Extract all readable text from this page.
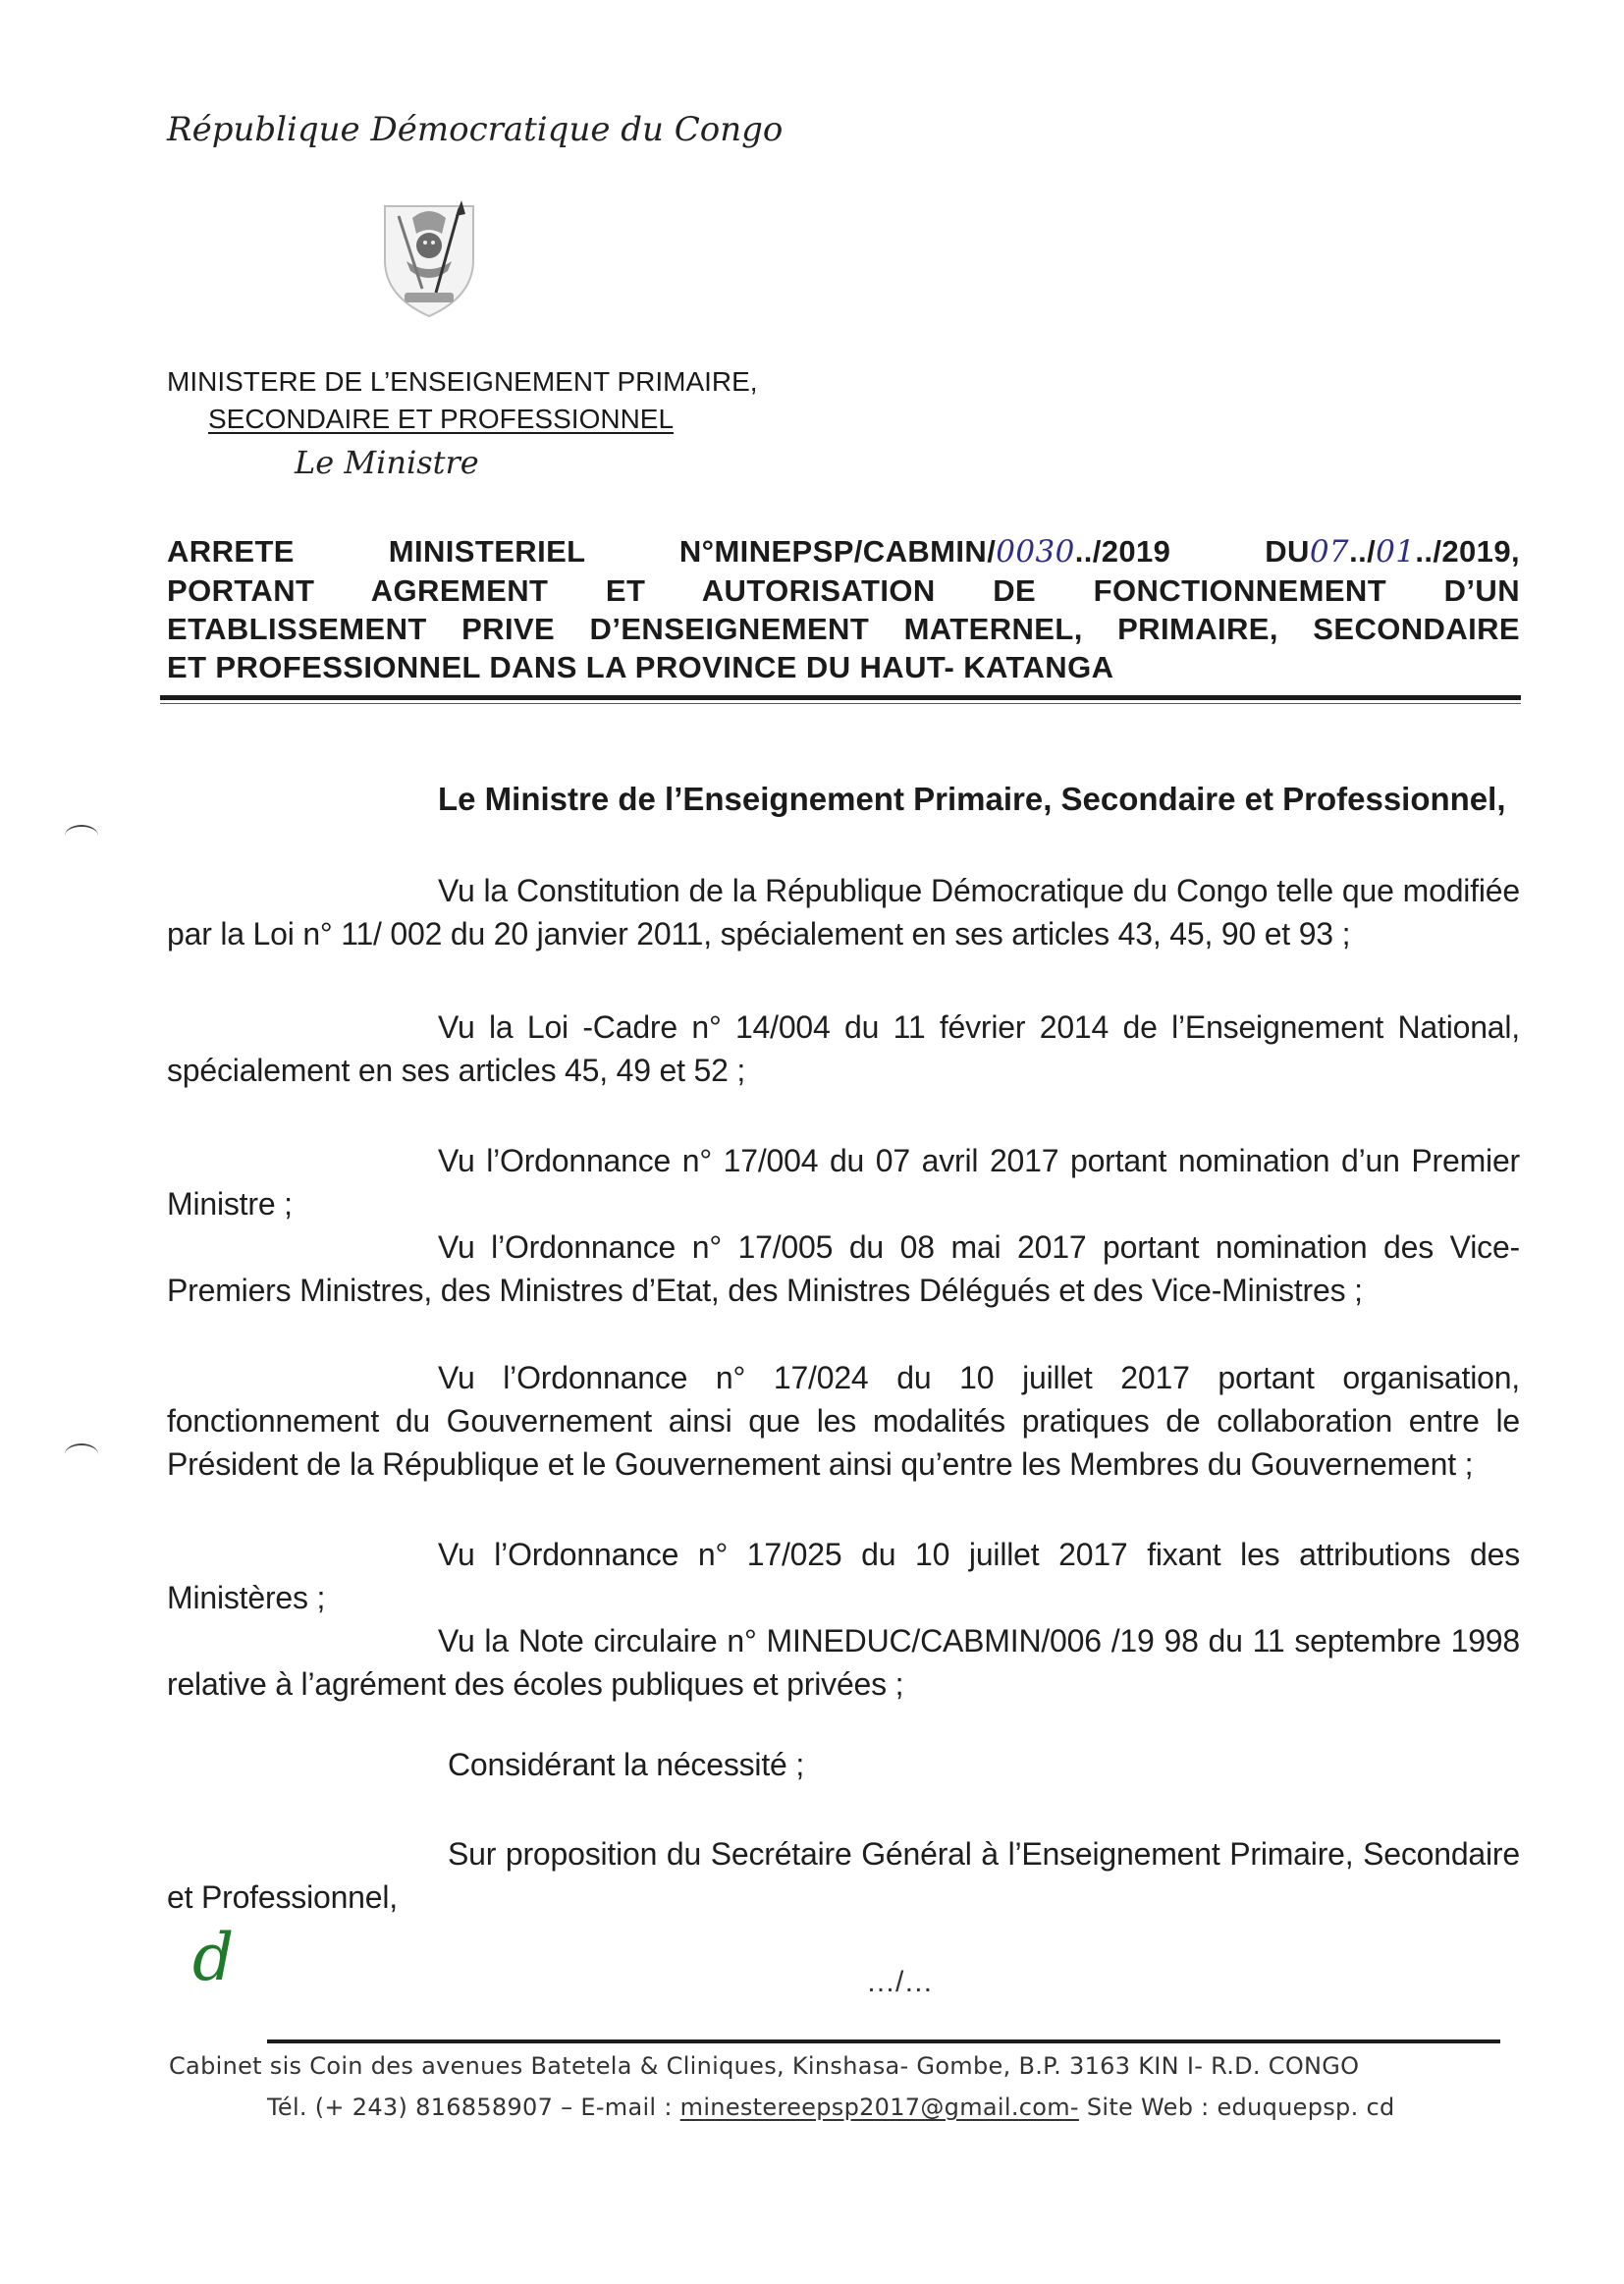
République Démocratique du Congo
MINISTERE DE L’ENSEIGNEMENT PRIMAIRE,
SECONDAIRE ET PROFESSIONNEL
Le Ministre
ARRETE MINISTERIEL N°MINEPSP/CABMIN/0030../2019 DU07../01../2019,
PORTANT AGREMENT ET AUTORISATION DE FONCTIONNEMENT D’UN
ETABLISSEMENT PRIVE D’ENSEIGNEMENT MATERNEL, PRIMAIRE, SECONDAIRE
ET PROFESSIONNEL DANS LA PROVINCE DU HAUT- KATANGA
Le Ministre de l’Enseignement Primaire, Secondaire et Professionnel,

Vu la Constitution de la République Démocratique du Congo telle que modifiée par la Loi n° 11/ 002 du 20 janvier 2011, spécialement en ses articles 43, 45, 90 et 93 ;

Vu la Loi -Cadre n° 14/004 du 11 février 2014 de l’Enseignement National, spécialement en ses articles 45, 49 et 52 ;

Vu l’Ordonnance n° 17/004 du 07 avril 2017 portant nomination d’un Premier Ministre ;

Vu l’Ordonnance n° 17/005 du 08 mai 2017 portant nomination des Vice-Premiers Ministres, des Ministres d’Etat, des Ministres Délégués et des Vice-Ministres ;

Vu l’Ordonnance n° 17/024 du 10 juillet 2017 portant organisation, fonctionnement du Gouvernement ainsi que les modalités pratiques de collaboration entre le Président de la République et le Gouvernement ainsi qu’entre les Membres du Gouvernement ;

Vu l’Ordonnance n° 17/025 du 10 juillet 2017 fixant les attributions des Ministères ;

Vu la Note circulaire n° MINEDUC/CABMIN/006 /19 98 du 11 septembre 1998 relative à l’agrément des écoles publiques et privées ;

Considérant la nécessité ;

Sur proposition du Secrétaire Général à l’Enseignement Primaire, Secondaire et Professionnel,

d	…/…
Cabinet sis Coin des avenues Batetela & Cliniques, Kinshasa- Gombe, B.P. 3163 KIN I- R.D. CONGO
Tél. (+ 243) 816858907 – E-mail : minestereepsp2017@gmail.com- Site Web : eduquepsp. cd
